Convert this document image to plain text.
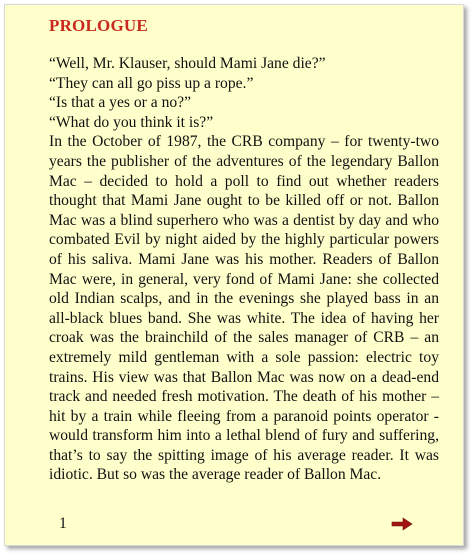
PROLOGUE

“Well, Mr. Klauser, should Mami Jane die?”

“They can all go piss up a rope.”

“Is that a yes or a no?”

“What do you think it is?”

In the October of 1987, the CRB company – for twenty-two years the publisher of the adventures of the legendary Ballon Mac – decided to hold a poll to find out whether readers thought that Mami Jane ought to be killed off or not. Ballon Mac was a blind superhero who was a dentist by day and who combated Evil by night aided by the highly particular powers of his saliva. Mami Jane was his mother. Readers of Ballon Mac were, in general, very fond of Mami Jane: she collected old Indian scalps, and in the evenings she played bass in an all-black blues band. She was white. The idea of having her croak was the brainchild of the sales manager of CRB – an extremely mild gentleman with a sole passion: electric toy trains. His view was that Ballon Mac was now on a dead-end track and needed fresh motivation. The death of his mother – hit by a train while fleeing from a paranoid points operator - would transform him into a lethal blend of fury and suffering, that’s to say the spitting image of his average reader. It was idiotic. But so was the average reader of Ballon Mac.

1
